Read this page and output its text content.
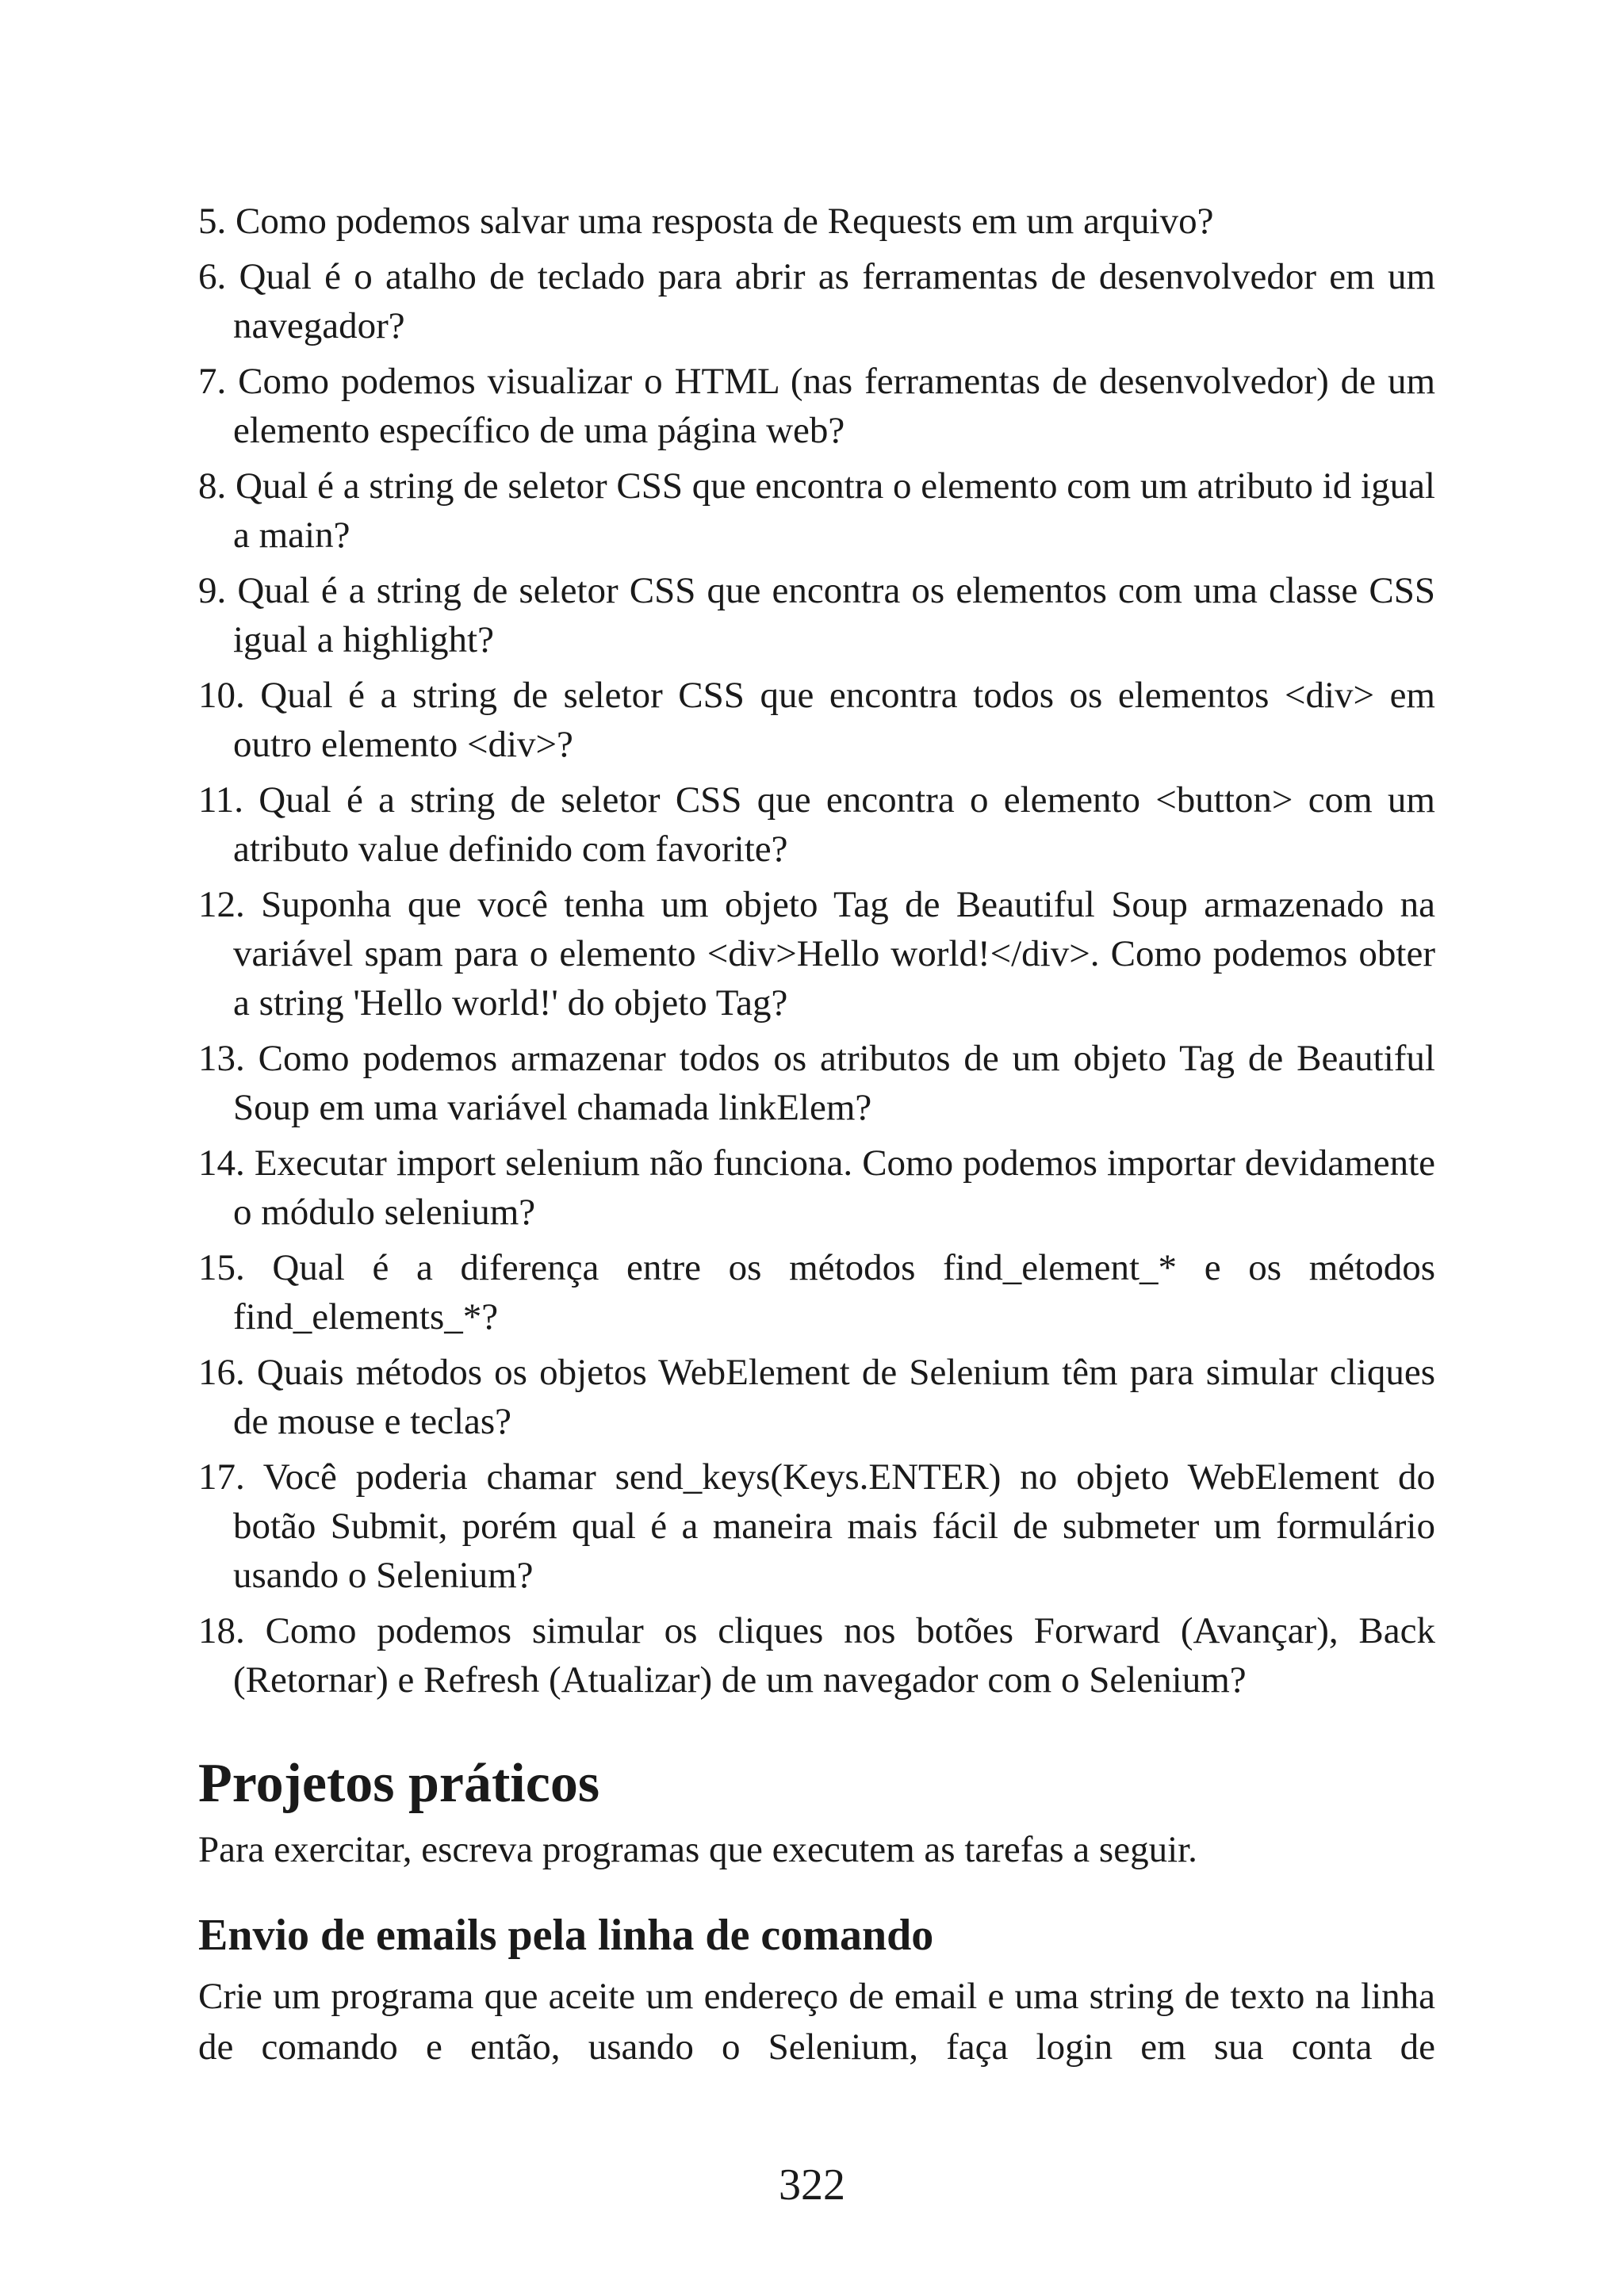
5. Como podemos salvar uma resposta de Requests em um arquivo?
6. Qual é o atalho de teclado para abrir as ferramentas de desenvolvedor em um navegador?
7. Como podemos visualizar o HTML (nas ferramentas de desenvolvedor) de um elemento específico de uma página web?
8. Qual é a string de seletor CSS que encontra o elemento com um atributo id igual a main?
9. Qual é a string de seletor CSS que encontra os elementos com uma classe CSS igual a highlight?
10. Qual é a string de seletor CSS que encontra todos os elementos <div> em outro elemento <div>?
11. Qual é a string de seletor CSS que encontra o elemento <button> com um atributo value definido com favorite?
12. Suponha que você tenha um objeto Tag de Beautiful Soup armazenado na variável spam para o elemento <div>Hello world!</div>. Como podemos obter a string 'Hello world!' do objeto Tag?
13. Como podemos armazenar todos os atributos de um objeto Tag de Beautiful Soup em uma variável chamada linkElem?
14. Executar import selenium não funciona. Como podemos importar devidamente o módulo selenium?
15. Qual é a diferença entre os métodos find_element_* e os métodos find_elements_*?
16. Quais métodos os objetos WebElement de Selenium têm para simular cliques de mouse e teclas?
17. Você poderia chamar send_keys(Keys.ENTER) no objeto WebElement do botão Submit, porém qual é a maneira mais fácil de submeter um formulário usando o Selenium?
18. Como podemos simular os cliques nos botões Forward (Avançar), Back (Retornar) e Refresh (Atualizar) de um navegador com o Selenium?
Projetos práticos

Para exercitar, escreva programas que executem as tarefas a seguir.

Envio de emails pela linha de comando

Crie um programa que aceite um endereço de email e uma string de texto na linha de comando e então, usando o Selenium, faça login em sua conta de

322
